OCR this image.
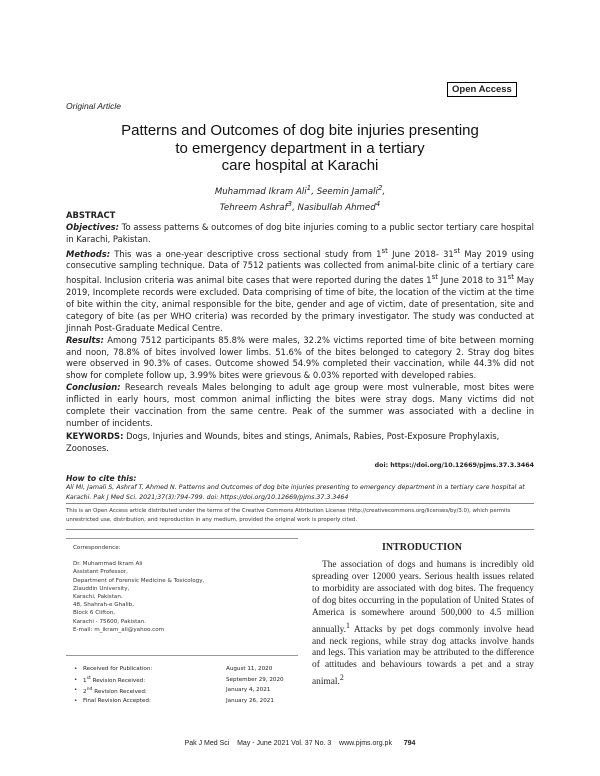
Open Access
Original Article
Patterns and Outcomes of dog bite injuries presenting
to emergency department in a tertiary
care hospital at Karachi
Muhammad Ikram Ali$^1$, Seemin Jamali$^2$,
Tehreem Ashraf$^3$, Nasibullah Ahmed$^4$

ABSTRACT

Objectives: To assess patterns & outcomes of dog bite injuries coming to a public sector tertiary care hospital in Karachi, Pakistan.

Methods: This was a one-year descriptive cross sectional study from 1st June 2018- 31st May 2019 using consecutive sampling technique. Data of 7512 patients was collected from animal-bite clinic of a tertiary care hospital. Inclusion criteria was animal bite cases that were reported during the dates 1st June 2018 to 31st May 2019, Incomplete records were excluded. Data comprising of time of bite, the location of the victim at the time of bite within the city, animal responsible for the bite, gender and age of victim, date of presentation, site and category of bite (as per WHO criteria) was recorded by the primary investigator. The study was conducted at Jinnah Post-Graduate Medical Centre.

Results: Among 7512 participants 85.8% were males, 32.2% victims reported time of bite between morning and noon, 78.8% of bites involved lower limbs. 51.6% of the bites belonged to category 2. Stray dog bites were observed in 90.3% of cases. Outcome showed 54.9% completed their vaccination, while 44.3% did not show for complete follow up, 3.99% bites were grievous & 0.03% reported with developed rabies.

Conclusion: Research reveals Males belonging to adult age group were most vulnerable, most bites were inflicted in early hours, most common animal inflicting the bites were stray dogs. Many victims did not complete their vaccination from the same centre. Peak of the summer was associated with a decline in number of incidents.

KEYWORDS: Dogs, Injuries and Wounds, bites and stings, Animals, Rabies, Post-Exposure Prophylaxis, Zoonoses.
doi: https://doi.org/10.12669/pjms.37.3.3464
How to cite this:
Ali MI, Jamali S, Ashraf T, Ahmed N. Patterns and Outcomes of dog bite injuries presenting to emergency department in a tertiary care hospital at Karachi. Pak J Med Sci. 2021;37(3):794-799. doi: https://doi.org/10.12669/pjms.37.3.3464
This is an Open Access article distributed under the terms of the Creative Commons Attribution License (http://creativecommons.org/licenses/by/3.0), which permits unrestricted use, distribution, and reproduction in any medium, provided the original work is properly cited.
Correspondence:
Dr. Muhammad Ikram Ali
Assistant Professor,
Department of Forensic Medicine & Toxicology,
Ziauddin University,
Karachi, Pakistan.
48, Shahrah-e Ghalib,
Block 6 Clifton,
Karachi - 75600, Pakistan.
E-mail: m_ikram_ali@yahoo.com
• Received for Publication:	August 11, 2020
• 1st Revision Received:	September 29, 2020
• 2nd Revision Received:	January 4, 2021
• Final Revision Accepted:	January 26, 2021
INTRODUCTION
The association of dogs and humans is incredibly old spreading over 12000 years. Serious health issues related to morbidity are associated with dog bites. The frequency of dog bites occurring in the population of United States of America is somewhere around 500,000 to 4.5 million annually.$^1$ Attacks by pet dogs commonly involve head and neck regions, while stray dog attacks involve hands and legs. This variation may be attributed to the difference of attitudes and behaviours towards a pet and a stray animal.$^2$
Pak J Med Sci May - June 2021 Vol. 37 No. 3 www.pjms.org.pk 794
